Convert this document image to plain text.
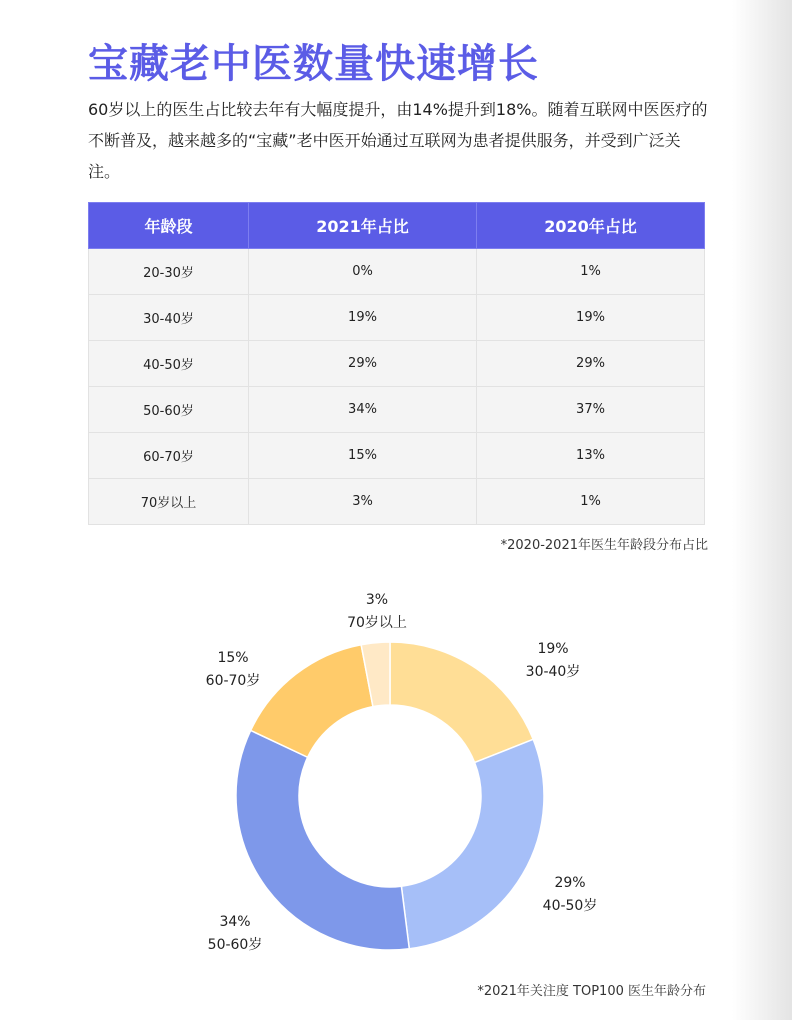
宝藏老中医数量快速增长

60岁以上的医生占比较去年有大幅度提升，由14%提升到18%。随着互联网中医医疗的不断普及，越来越多的“宝藏”老中医开始通过互联网为患者提供服务，并受到广泛关注。

年龄段	2021年占比	2020年占比
20-30岁	0%	1%
30-40岁	19%	19%
40-50岁	29%	29%
50-60岁	34%	37%
60-70岁	15%	13%
70岁以上	3%	1%
*2020-2021年医生年龄段分布占比
3%
70岁以上
19%
30-40岁
15%
60-70岁
29%
40-50岁
34%
50-60岁
*2021年关注度 TOP100 医生年龄分布
